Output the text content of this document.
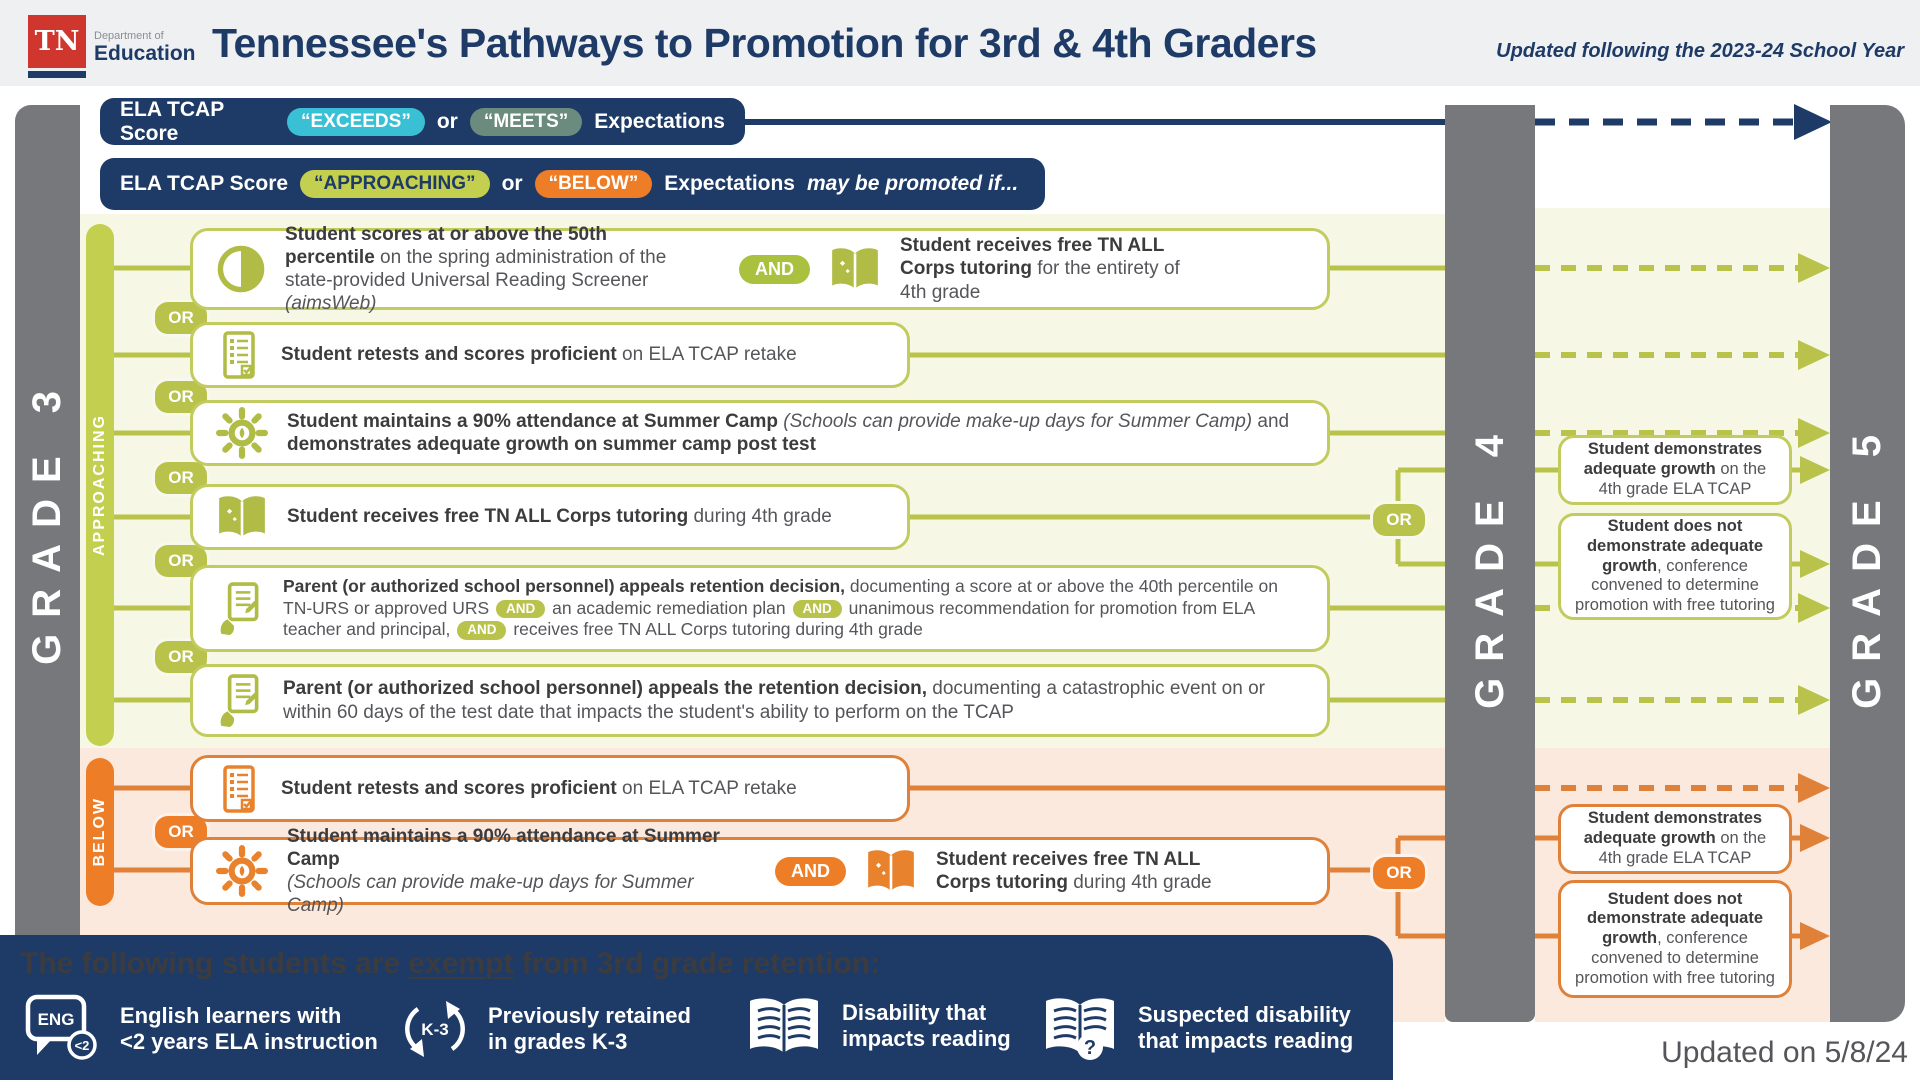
TN Department of
Education Tennessee's Pathways to Promotion for 3rd & 4th Graders	Updated following the 2023-24 School Year
GRADE 3	GRADE 4	GRADE 5
ELA TCAP Score
“EXCEEDS”	or	“MEETS”	Expectations
ELA TCAP Score	“APPROACHING”	or	“BELOW”	Expectations may be promoted if...
APPROACHING
BELOW
OR
OR
OR
OR
OR
OR
OR
OR
Student scores at or above the 50th percentile on the spring administration of the state-provided Universal Reading Screener (aimsWeb)
AND
Student receives free TN ALL Corps tutoring for the entirety of 4th grade
Student retests and scores proficient on ELA TCAP retake
Student maintains a 90% attendance at Summer Camp (Schools can provide make-up days for Summer Camp) and demonstrates adequate growth on summer camp post test
Student receives free TN ALL Corps tutoring during 4th grade
Parent (or authorized school personnel) appeals retention decision, documenting a score at or above the 40th percentile on TN-URS or approved URS AND an academic remediation plan AND unanimous recommendation for promotion from ELA teacher and principal, AND receives free TN ALL Corps tutoring during 4th grade
Parent (or authorized school personnel) appeals the retention decision, documenting a catastrophic event on or within 60 days of the test date that impacts the student's ability to perform on the TCAP
Student retests and scores proficient on ELA TCAP retake
Student maintains a 90% attendance at Summer Camp
(Schools can provide make-up days for Summer Camp)
AND
Student receives free TN ALL Corps tutoring during 4th grade
Student demonstrates adequate growth on the 4th grade ELA TCAP
Student does not demonstrate adequate growth, conference convened to determine promotion with free tutoring
Student demonstrates adequate growth on the 4th grade ELA TCAP
Student does not demonstrate adequate growth, conference convened to determine promotion with free tutoring
The following students are exempt from 3rd grade retention:
ENG
<2
English learners with
<2 years ELA instruction	K-3
Previously retained
in grades K-3
Disability that
impacts reading	?
Suspected disability
that impacts reading	Updated on 5/8/24
